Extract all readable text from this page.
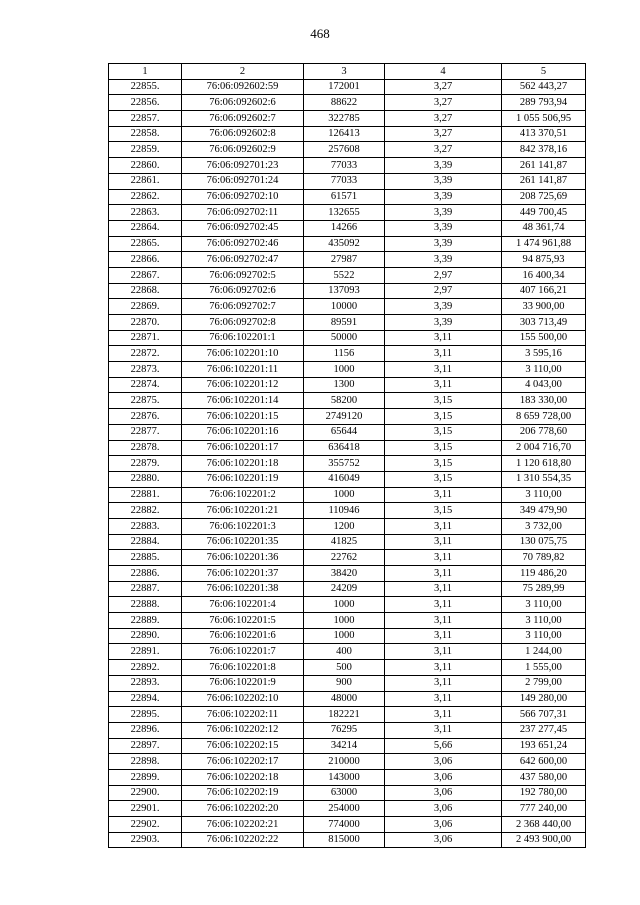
468
1	2	3	4	5
22855.	76:06:092602:59	172001	3,27	562 443,27
22856.	76:06:092602:6	88622	3,27	289 793,94
22857.	76:06:092602:7	322785	3,27	1 055 506,95
22858.	76:06:092602:8	126413	3,27	413 370,51
22859.	76:06:092602:9	257608	3,27	842 378,16
22860.	76:06:092701:23	77033	3,39	261 141,87
22861.	76:06:092701:24	77033	3,39	261 141,87
22862.	76:06:092702:10	61571	3,39	208 725,69
22863.	76:06:092702:11	132655	3,39	449 700,45
22864.	76:06:092702:45	14266	3,39	48 361,74
22865.	76:06:092702:46	435092	3,39	1 474 961,88
22866.	76:06:092702:47	27987	3,39	94 875,93
22867.	76:06:092702:5	5522	2,97	16 400,34
22868.	76:06:092702:6	137093	2,97	407 166,21
22869.	76:06:092702:7	10000	3,39	33 900,00
22870.	76:06:092702:8	89591	3,39	303 713,49
22871.	76:06:102201:1	50000	3,11	155 500,00
22872.	76:06:102201:10	1156	3,11	3 595,16
22873.	76:06:102201:11	1000	3,11	3 110,00
22874.	76:06:102201:12	1300	3,11	4 043,00
22875.	76:06:102201:14	58200	3,15	183 330,00
22876.	76:06:102201:15	2749120	3,15	8 659 728,00
22877.	76:06:102201:16	65644	3,15	206 778,60
22878.	76:06:102201:17	636418	3,15	2 004 716,70
22879.	76:06:102201:18	355752	3,15	1 120 618,80
22880.	76:06:102201:19	416049	3,15	1 310 554,35
22881.	76:06:102201:2	1000	3,11	3 110,00
22882.	76:06:102201:21	110946	3,15	349 479,90
22883.	76:06:102201:3	1200	3,11	3 732,00
22884.	76:06:102201:35	41825	3,11	130 075,75
22885.	76:06:102201:36	22762	3,11	70 789,82
22886.	76:06:102201:37	38420	3,11	119 486,20
22887.	76:06:102201:38	24209	3,11	75 289,99
22888.	76:06:102201:4	1000	3,11	3 110,00
22889.	76:06:102201:5	1000	3,11	3 110,00
22890.	76:06:102201:6	1000	3,11	3 110,00
22891.	76:06:102201:7	400	3,11	1 244,00
22892.	76:06:102201:8	500	3,11	1 555,00
22893.	76:06:102201:9	900	3,11	2 799,00
22894.	76:06:102202:10	48000	3,11	149 280,00
22895.	76:06:102202:11	182221	3,11	566 707,31
22896.	76:06:102202:12	76295	3,11	237 277,45
22897.	76:06:102202:15	34214	5,66	193 651,24
22898.	76:06:102202:17	210000	3,06	642 600,00
22899.	76:06:102202:18	143000	3,06	437 580,00
22900.	76:06:102202:19	63000	3,06	192 780,00
22901.	76:06:102202:20	254000	3,06	777 240,00
22902.	76:06:102202:21	774000	3,06	2 368 440,00
22903.	76:06:102202:22	815000	3,06	2 493 900,00
